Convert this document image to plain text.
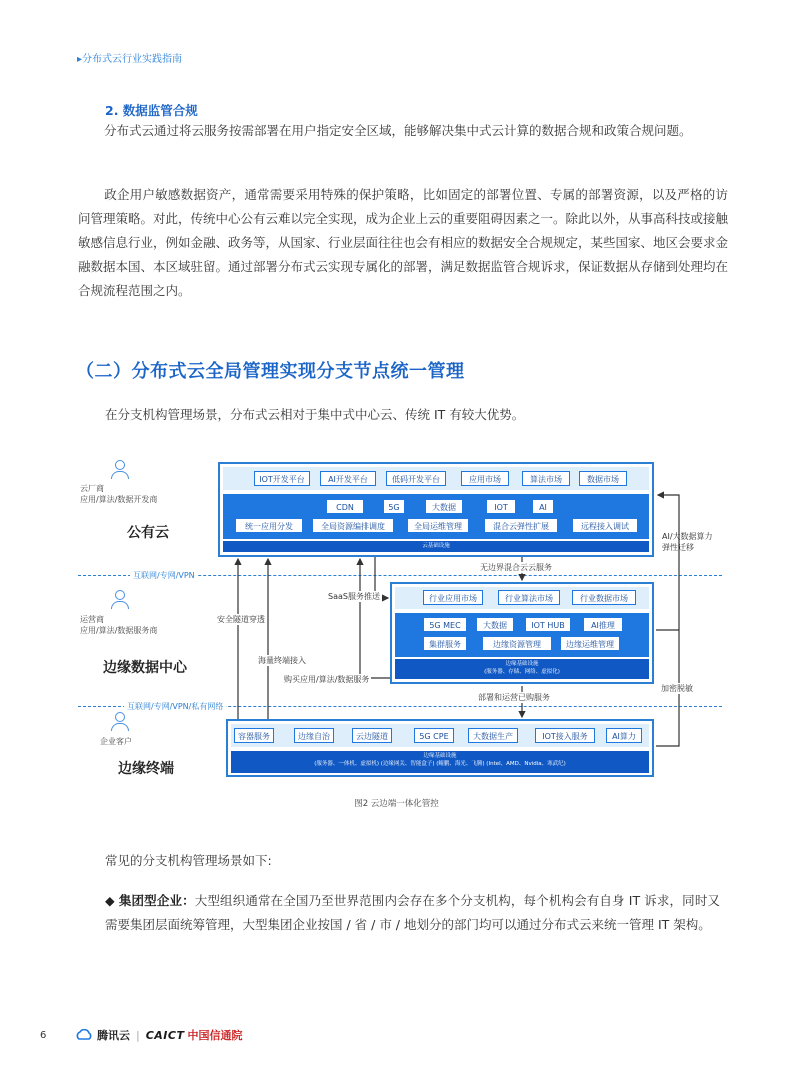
▸分布式云行业实践指南
2. 数据监管合规
分布式云通过将云服务按需部署在用户指定安全区域，能够解决集中式云计算的数据合规和政策合规问题。
政企用户敏感数据资产，通常需要采用特殊的保护策略，比如固定的部署位置、专属的部署资源，以及严格的访问管理策略。对此，传统中心公有云难以完全实现，成为企业上云的重要阻碍因素之一。除此以外，从事高科技或接触敏感信息行业，例如金融、政务等，从国家、行业层面往往也会有相应的数据安全合规规定，某些国家、地区会要求金融数据本国、本区域驻留。通过部署分布式云实现专属化的部署，满足数据监管合规诉求，保证数据从存储到处理均在合规流程范围之内。
（二）分布式云全局管理实现分支节点统一管理
在分支机构管理场景，分布式云相对于集中式中心云、传统 IT 有较大优势。
云厂商
应用/算法/数据开发商
公有云
运营商
应用/算法/数据服务商
边缘数据中心
企业客户
边缘终端
互联网/专网/VPN
互联网/专网/VPN/私有网络
云基础设施
IOT开发平台	AI开发平台	低码开发平台	应用市场	算法市场	数据市场
CDN	5G	大数据	IOT	AI
统一应用分发	全局资源编排调度	全局运维管理	混合云弹性扩展	远程接入调试
边缘基础设施
(服务器、存储、网络、虚拟化)
行业应用市场	行业算法市场	行业数据市场
5G MEC	大数据	IOT HUB	AI推理
集群服务	边缘资源管理	边缘运维管理
边缘基础设施
(服务器、一体机、虚拟机) (边缘网关、智能盒子) (鲲鹏、海光、飞腾) (Intel、AMD、Nvidia、寒武纪)
容器服务	边缘自治	云边隧道	5G CPE	大数据生产	IOT接入服务	AI算力
AI/大数据算力
弹性迁移
无边界混合云云服务
SaaS服务推送
安全隧道穿透
海量终端接入
购买应用/算法/数据服务
部署和运营已购服务
加密脱敏
图2 云边端一体化管控
常见的分支机构管理场景如下:
◆ 集团型企业：大型组织通常在全国乃至世界范围内会存在多个分支机构，每个机构会有自身 IT 诉求，同时又需要集团层面统筹管理，大型集团企业按国 / 省 / 市 / 地划分的部门均可以通过分布式云来统一管理 IT 架构。
6	腾讯云 | CAICT 中国信通院
